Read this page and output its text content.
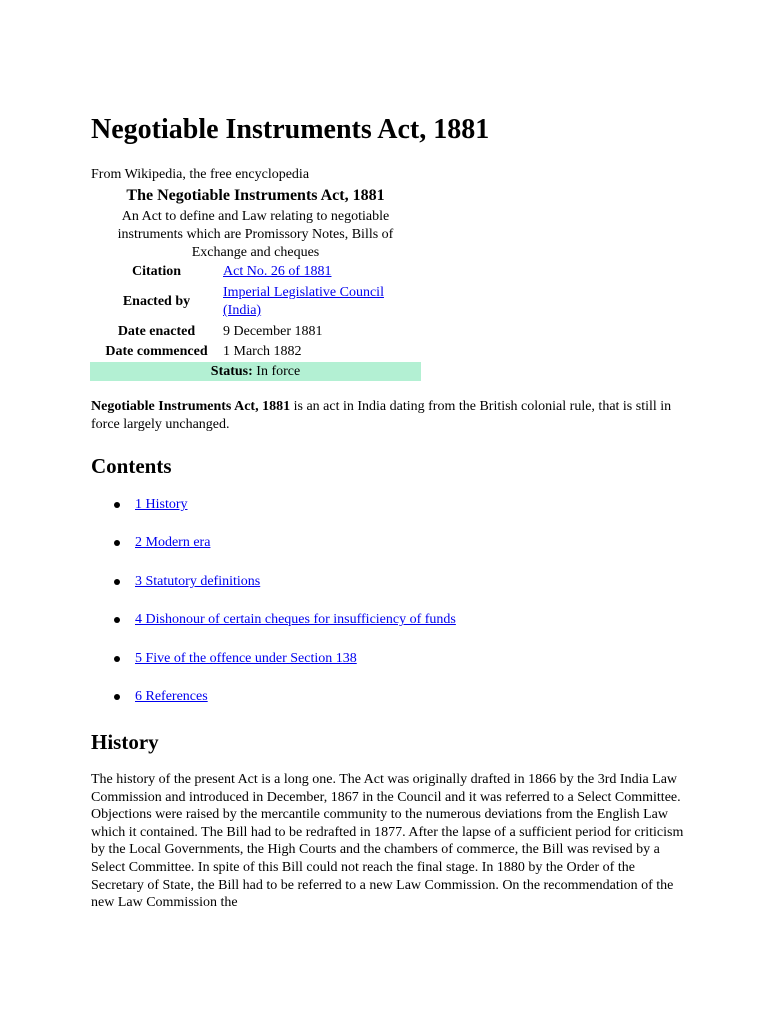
Negotiable Instruments Act, 1881
From Wikipedia, the free encyclopedia
The Negotiable Instruments Act, 1881	
An Act to define and Law relating to negotiable instruments which are Promissory Notes, Bills of Exchange and cheques	
Citation	Act No. 26 of 1881
Enacted by	Imperial Legislative Council (India)
Date enacted	9 December 1881
Date commenced	1 March 1882
Status: In force	

Negotiable Instruments Act, 1881 is an act in India dating from the British colonial rule, that is still in force largely unchanged.

Contents
1 History
2 Modern era
3 Statutory definitions
4 Dishonour of certain cheques for insufficiency of funds
5 Five of the offence under Section 138
6 References
History

The history of the present Act is a long one. The Act was originally drafted in 1866 by the 3rd India Law Commission and introduced in December, 1867 in the Council and it was referred to a Select Committee. Objections were raised by the mercantile community to the numerous deviations from the English Law which it contained. The Bill had to be redrafted in 1877. After the lapse of a sufficient period for criticism by the Local Governments, the High Courts and the chambers of commerce, the Bill was revised by a Select Committee. In spite of this Bill could not reach the final stage. In 1880 by the Order of the Secretary of State, the Bill had to be referred to a new Law Commission. On the recommendation of the new Law Commission the
